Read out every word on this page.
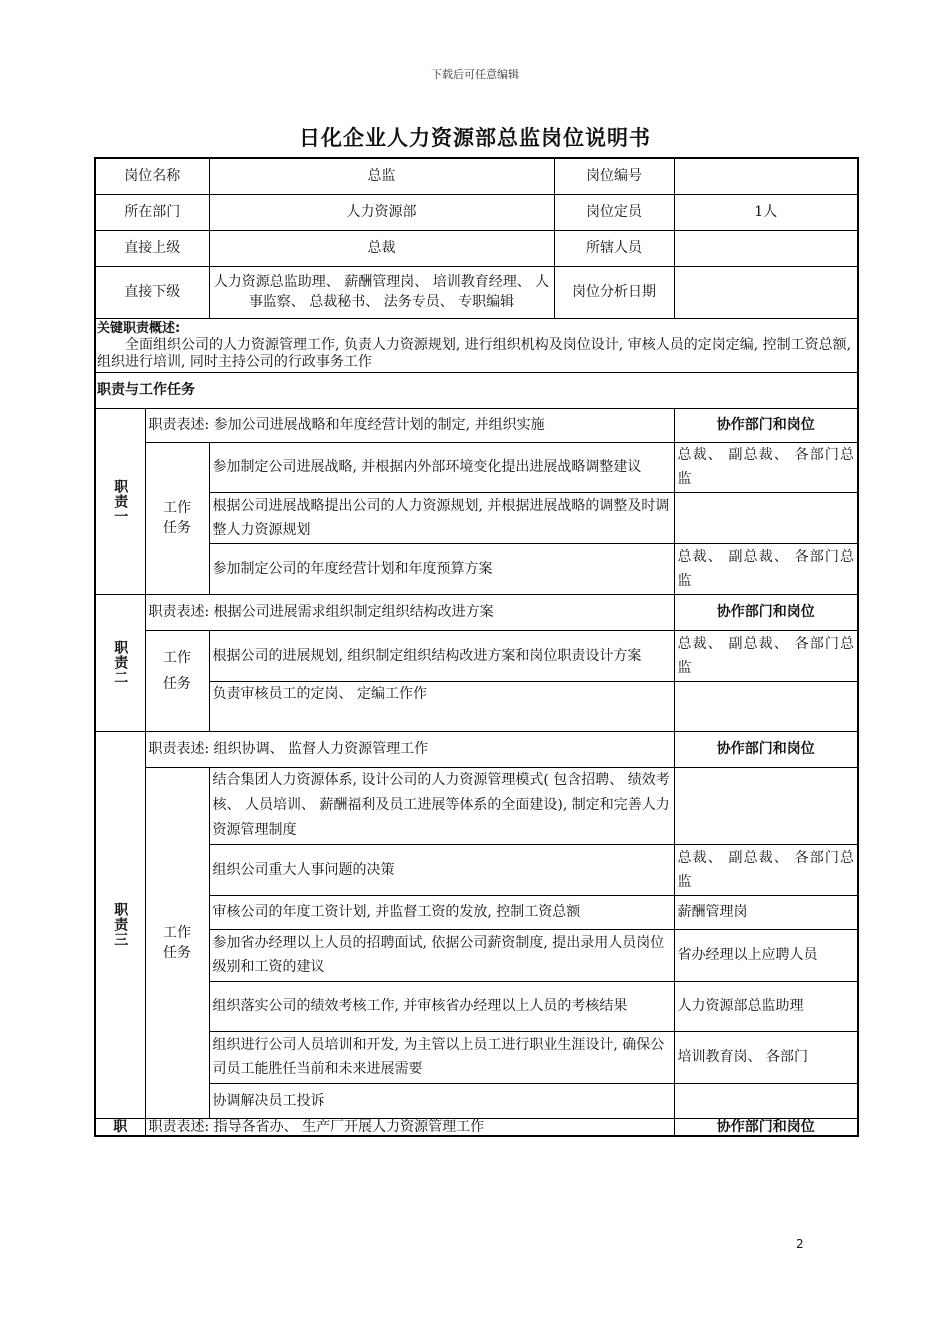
下载后可任意编辑
日化企业人力资源部总监岗位说明书
岗位名称		总监	岗位编号	
所在部门		人力资源部	岗位定员	1人
直接上级		总裁	所辖人员	
直接下级		人力资源总监助理、 薪酬管理岗、 培训教育经理、 人事监察、 总裁秘书、 法务专员、 专职编辑	岗位分析日期	

关键职责概述:
全面组织公司的人力资源管理工作, 负责人力资源规划, 进行组织机构及岗位设计, 审核人员的定岗定编, 控制工资总额, 组织进行培训, 同时主持公司的行政事务工作				

职责与工作任务				

职责一	职责表述: 参加公司进展战略和年度经营计划的制定, 并组织实施			协作部门和岗位

	工作任务	参加制定公司进展战略, 并根据内外部环境变化提出进展战略调整建议		总裁、 副总裁、 各部门总监
		根据公司进展战略提出公司的人力资源规划, 并根据进展战略的调整及时调整人力资源规划		
		参加制定公司的年度经营计划和年度预算方案		总裁、 副总裁、 各部门总监

职责二	职责表述: 根据公司进展需求组织制定组织结构改进方案			协作部门和岗位

	工作任务	根据公司的进展规划, 组织制定组织结构改进方案和岗位职责设计方案		总裁、 副总裁、 各部门总监
		负责审核员工的定岗、 定编工作作		

职责三	职责表述: 组织协调、 监督人力资源管理工作			协作部门和岗位

	工作任务	结合集团人力资源体系, 设计公司的人力资源管理模式( 包含招聘、 绩效考核、 人员培训、 薪酬福利及员工进展等体系的全面建设), 制定和完善人力资源管理制度		
		组织公司重大人事问题的决策		总裁、 副总裁、 各部门总监
		审核公司的年度工资计划, 并监督工资的发放, 控制工资总额		薪酬管理岗
		参加省办经理以上人员的招聘面试, 依据公司薪资制度, 提出录用人员岗位级别和工资的建议		省办经理以上应聘人员
		组织落实公司的绩效考核工作, 并审核省办经理以上人员的考核结果		人力资源部总监助理
		组织进行公司人员培训和开发, 为主管以上员工进行职业生涯设计, 确保公司员工能胜任当前和未来进展需要		培训教育岗、 各部门
		协调解决员工投诉		
职	职责表述: 指导各省办、 生产厂开展人力资源管理工作			协作部门和岗位
2
